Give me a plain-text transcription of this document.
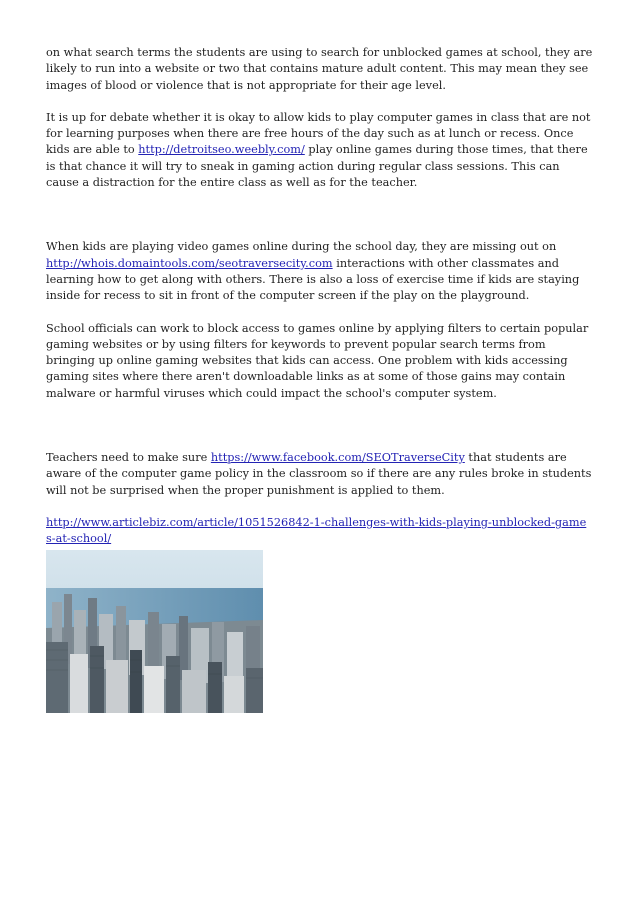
on what search terms the students are using to search for unblocked games at school, they are likely to run into a website or two that contains mature adult content. This may mean they see images of blood or violence that is not appropriate for their age level.

It is up for debate whether it is okay to allow kids to play computer games in class that are not for learning purposes when there are free hours of the day such as at lunch or recess. Once kids are able to http://detroitseo.weebly.com/ play online games during those times, that there is that chance it will try to sneak in gaming action during regular class sessions. This can cause a distraction for the entire class as well as for the teacher.

When kids are playing video games online during the school day, they are missing out on http://whois.domaintools.com/seotraversecity.com interactions with other classmates and learning how to get along with others. There is also a loss of exercise time if kids are staying inside for recess to sit in front of the computer screen if the play on the playground.

School officials can work to block access to games online by applying filters to certain popular gaming websites or by using filters for keywords to prevent popular search terms from bringing up online gaming websites that kids can access. One problem with kids accessing gaming sites where there aren't downloadable links as at some of those gains may contain malware or harmful viruses which could impact the school's computer system.

Teachers need to make sure https://www.facebook.com/SEOTraverseCity that students are aware of the computer game policy in the classroom so if there are any rules broke in students will not be surprised when the proper punishment is applied to them.

http://www.articlebiz.com/article/1051526842-1-challenges-with-kids-playing-unblocked-games-at-school/
